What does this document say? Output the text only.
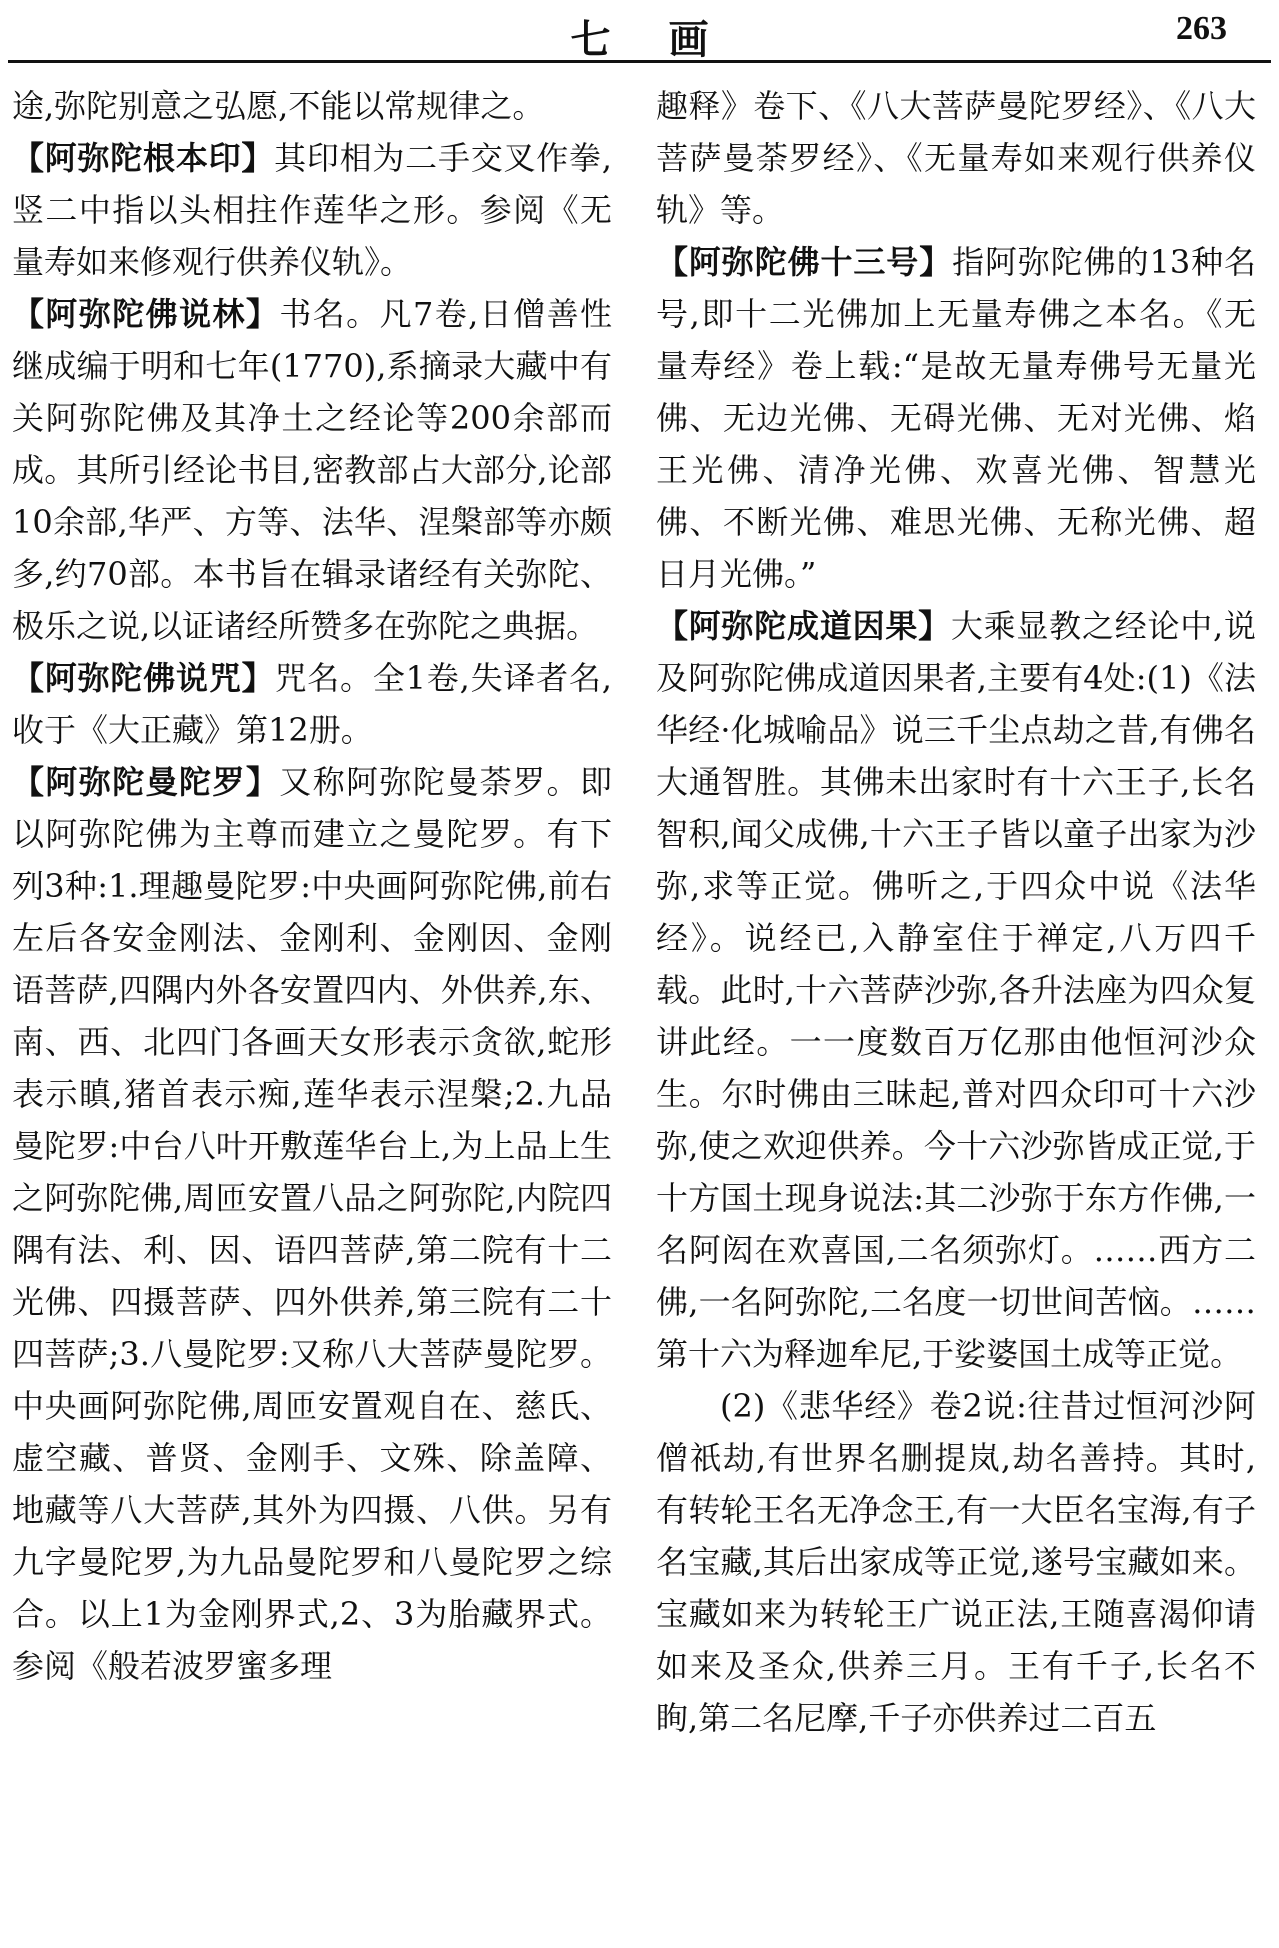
七画	263

途,弥陀别意之弘愿,不能以常规律之。

【阿弥陀根本印】其印相为二手交叉作拳,竖二中指以头相拄作莲华之形。参阅《无量寿如来修观行供养仪轨》。

【阿弥陀佛说林】书名。凡7卷,日僧善性继成编于明和七年(1770),系摘录大藏中有关阿弥陀佛及其净土之经论等200余部而成。其所引经论书目,密教部占大部分,论部10余部,华严、方等、法华、涅槃部等亦颇多,约70部。本书旨在辑录诸经有关弥陀、极乐之说,以证诸经所赞多在弥陀之典据。

【阿弥陀佛说咒】咒名。全1卷,失译者名,收于《大正藏》第12册。

【阿弥陀曼陀罗】又称阿弥陀曼荼罗。即以阿弥陀佛为主尊而建立之曼陀罗。有下列3种:1.理趣曼陀罗:中央画阿弥陀佛,前右左后各安金刚法、金刚利、金刚因、金刚语菩萨,四隅内外各安置四内、外供养,东、南、西、北四门各画天女形表示贪欲,蛇形表示瞋,猪首表示痴,莲华表示涅槃;2.九品曼陀罗:中台八叶开敷莲华台上,为上品上生之阿弥陀佛,周匝安置八品之阿弥陀,内院四隅有法、利、因、语四菩萨,第二院有十二光佛、四摄菩萨、四外供养,第三院有二十四菩萨;3.八曼陀罗:又称八大菩萨曼陀罗。中央画阿弥陀佛,周匝安置观自在、慈氏、虚空藏、普贤、金刚手、文殊、除盖障、地藏等八大菩萨,其外为四摄、八供。另有九字曼陀罗,为九品曼陀罗和八曼陀罗之综合。以上1为金刚界式,2、3为胎藏界式。参阅《般若波罗蜜多理

趣释》卷下、《八大菩萨曼陀罗经》、《八大菩萨曼荼罗经》、《无量寿如来观行供养仪轨》等。

【阿弥陀佛十三号】指阿弥陀佛的13种名号,即十二光佛加上无量寿佛之本名。《无量寿经》卷上载:“是故无量寿佛号无量光佛、无边光佛、无碍光佛、无对光佛、焰王光佛、清净光佛、欢喜光佛、智慧光佛、不断光佛、难思光佛、无称光佛、超日月光佛。”

【阿弥陀成道因果】大乘显教之经论中,说及阿弥陀佛成道因果者,主要有4处:(1)《法华经·化城喻品》说三千尘点劫之昔,有佛名大通智胜。其佛未出家时有十六王子,长名智积,闻父成佛,十六王子皆以童子出家为沙弥,求等正觉。佛听之,于四众中说《法华经》。说经已,入静室住于禅定,八万四千载。此时,十六菩萨沙弥,各升法座为四众复讲此经。一一度数百万亿那由他恒河沙众生。尔时佛由三昧起,普对四众印可十六沙弥,使之欢迎供养。今十六沙弥皆成正觉,于十方国土现身说法:其二沙弥于东方作佛,一名阿闳在欢喜国,二名须弥灯。……西方二佛,一名阿弥陀,二名度一切世间苦恼。……第十六为释迦牟尼,于娑婆国土成等正觉。

(2)《悲华经》卷2说:往昔过恒河沙阿僧祇劫,有世界名删提岚,劫名善持。其时,有转轮王名无净念王,有一大臣名宝海,有子名宝藏,其后出家成等正觉,遂号宝藏如来。宝藏如来为转轮王广说正法,王随喜渴仰请如来及圣众,供养三月。王有千子,长名不眴,第二名尼摩,千子亦供养过二百五
